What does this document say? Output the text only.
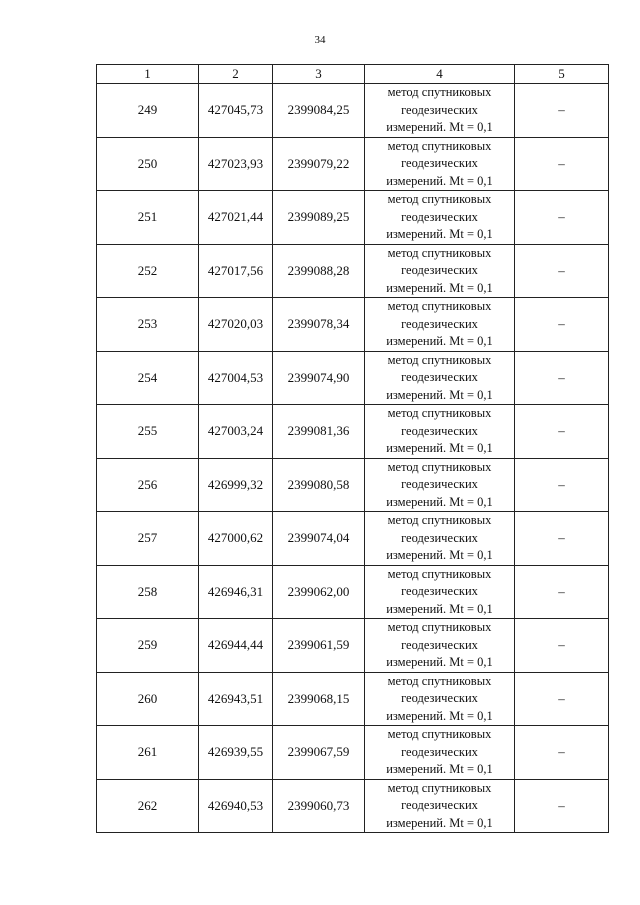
34
1	2	3	4	5
249	427045,73	2399084,25	метод спутниковых
геодезических
измерений. Mt = 0,1	–
250	427023,93	2399079,22	метод спутниковых
геодезических
измерений. Mt = 0,1	–
251	427021,44	2399089,25	метод спутниковых
геодезических
измерений. Mt = 0,1	–
252	427017,56	2399088,28	метод спутниковых
геодезических
измерений. Mt = 0,1	–
253	427020,03	2399078,34	метод спутниковых
геодезических
измерений. Mt = 0,1	–
254	427004,53	2399074,90	метод спутниковых
геодезических
измерений. Mt = 0,1	–
255	427003,24	2399081,36	метод спутниковых
геодезических
измерений. Mt = 0,1	–
256	426999,32	2399080,58	метод спутниковых
геодезических
измерений. Mt = 0,1	–
257	427000,62	2399074,04	метод спутниковых
геодезических
измерений. Mt = 0,1	–
258	426946,31	2399062,00	метод спутниковых
геодезических
измерений. Mt = 0,1	–
259	426944,44	2399061,59	метод спутниковых
геодезических
измерений. Mt = 0,1	–
260	426943,51	2399068,15	метод спутниковых
геодезических
измерений. Mt = 0,1	–
261	426939,55	2399067,59	метод спутниковых
геодезических
измерений. Mt = 0,1	–
262	426940,53	2399060,73	метод спутниковых
геодезических
измерений. Mt = 0,1	–
